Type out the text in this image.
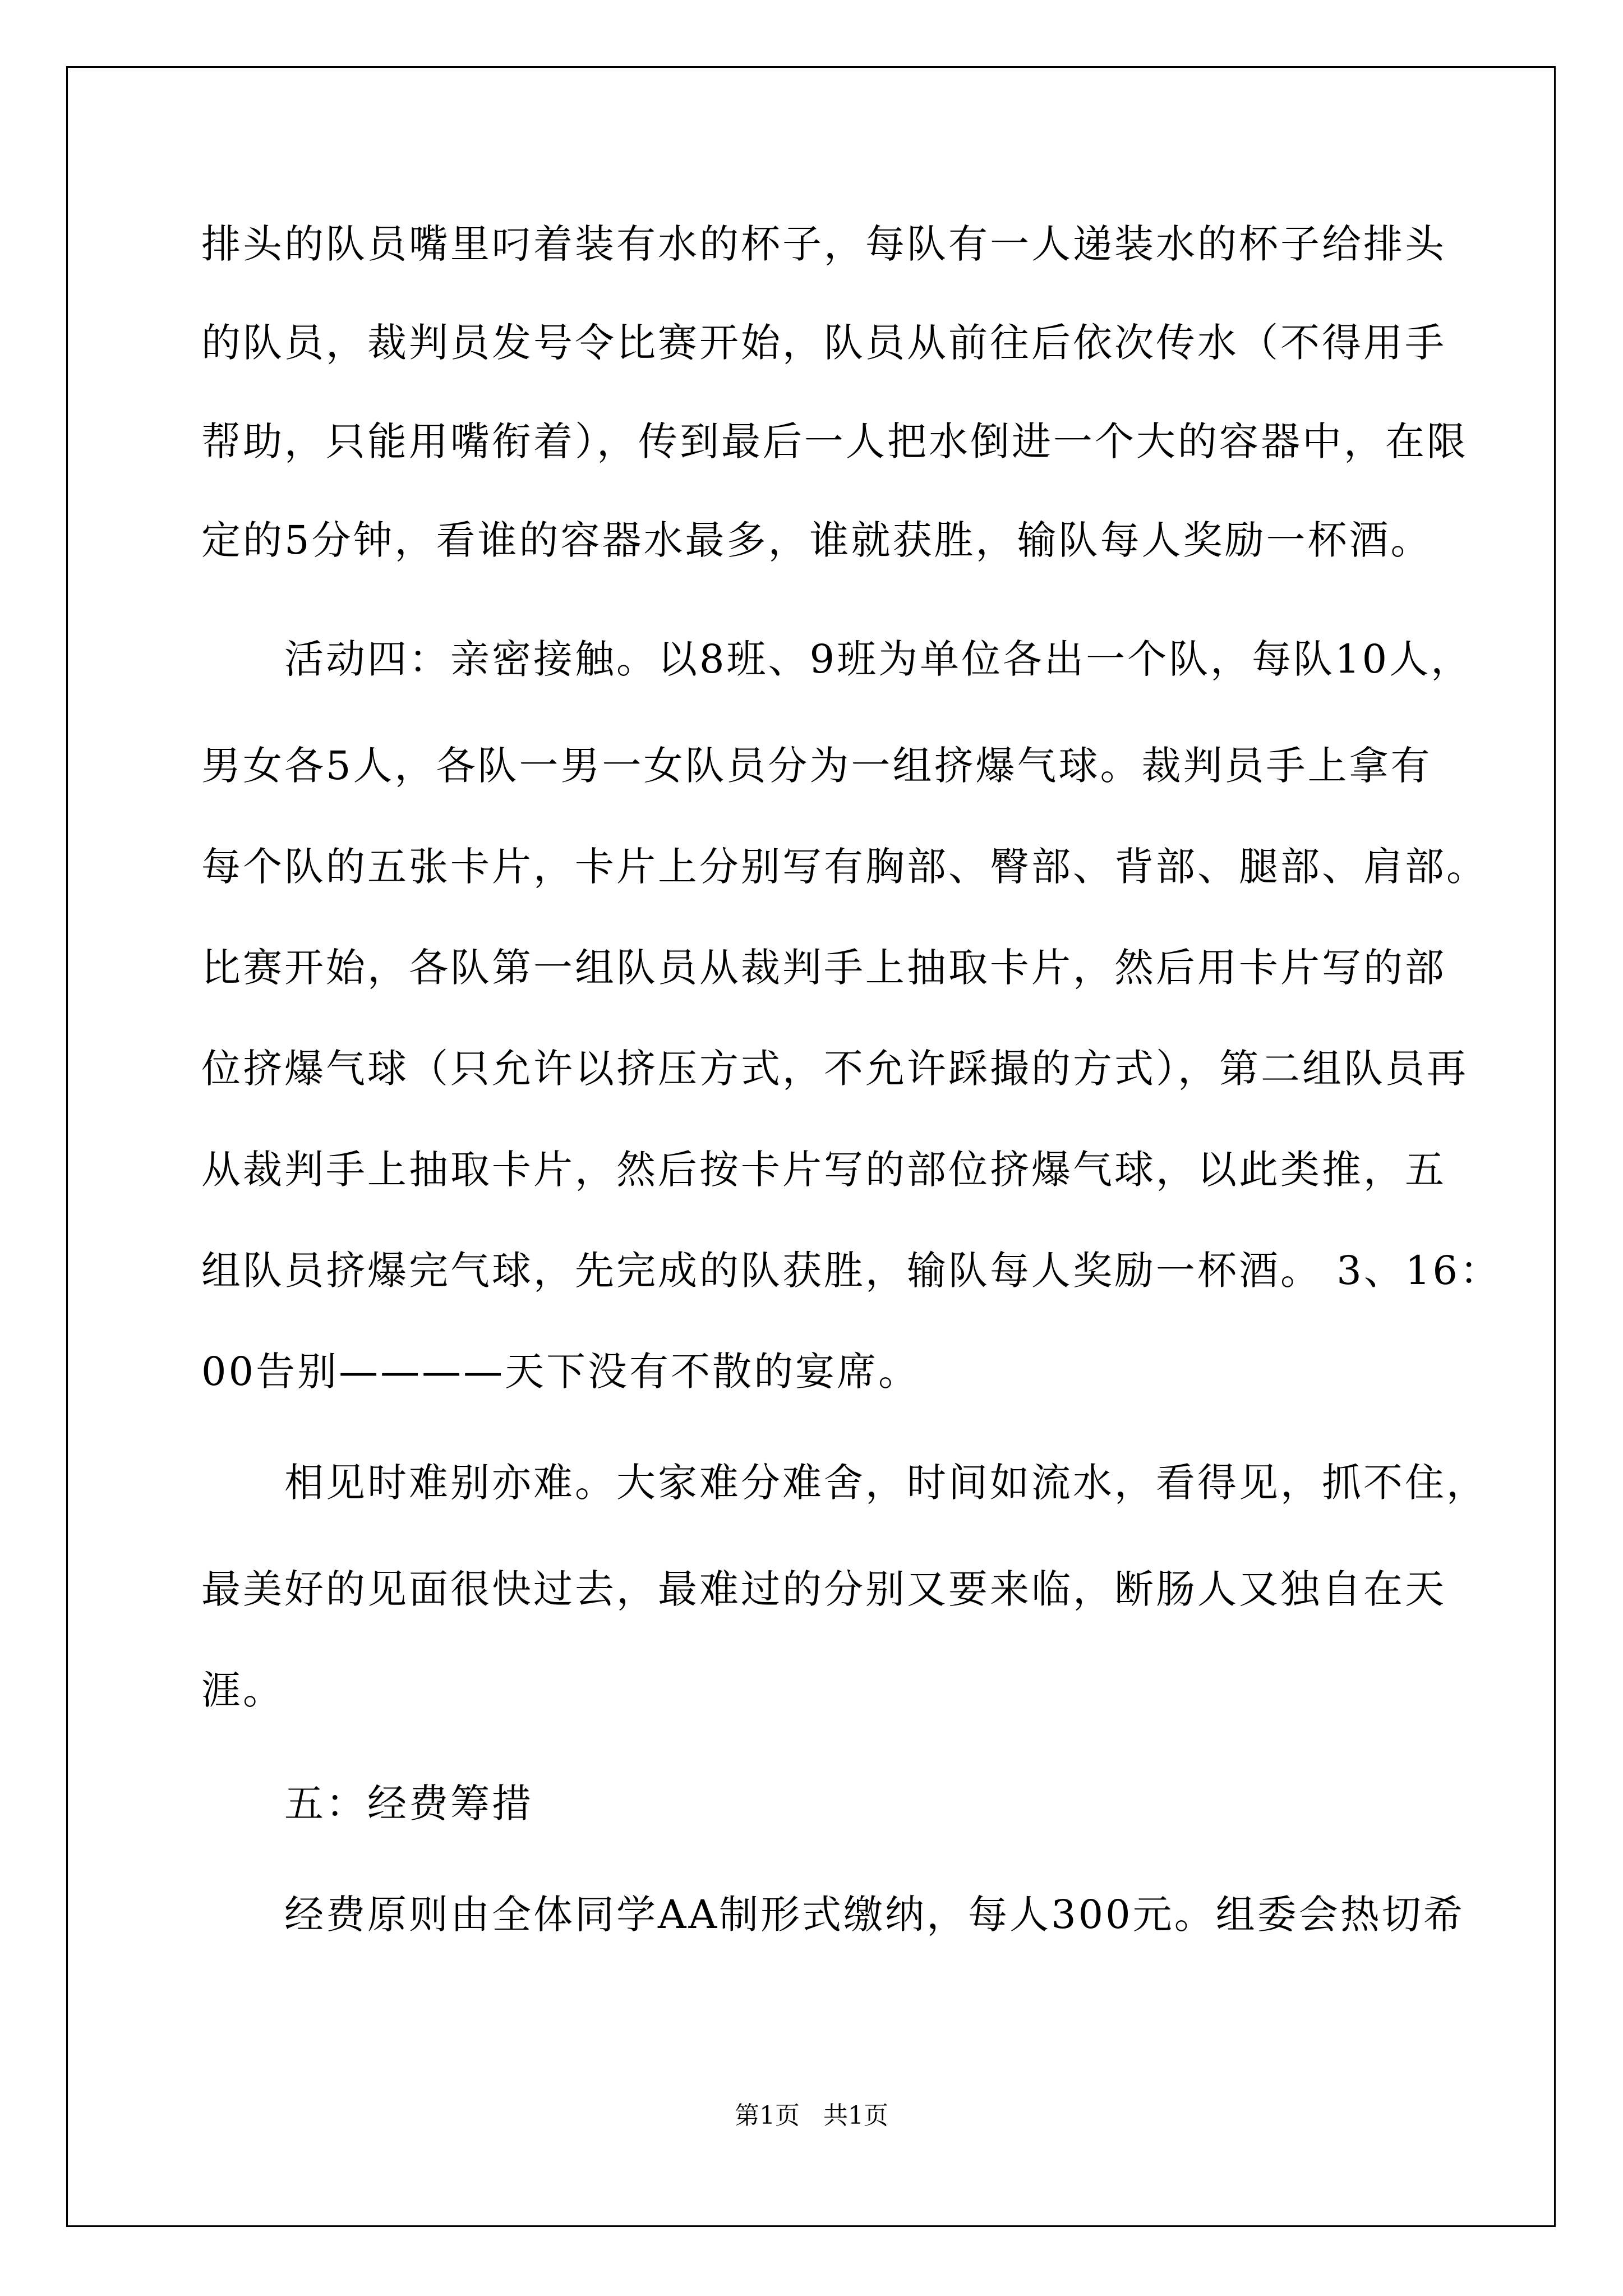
排头的队员嘴里叼着装有水的杯子，每队有一人递装水的杯子给排头
的队员，裁判员发号令比赛开始，队员从前往后依次传水（不得用手
帮助，只能用嘴衔着），传到最后一人把水倒进一个大的容器中，在限
定的5分钟，看谁的容器水最多，谁就获胜，输队每人奖励一杯酒。
活动四：亲密接触。以8班、9班为单位各出一个队，每队10人，
男女各5人，各队一男一女队员分为一组挤爆气球。裁判员手上拿有
每个队的五张卡片，卡片上分别写有胸部、臀部、背部、腿部、肩部。
比赛开始，各队第一组队员从裁判手上抽取卡片，然后用卡片写的部
位挤爆气球（只允许以挤压方式，不允许踩撮的方式），第二组队员再
从裁判手上抽取卡片，然后按卡片写的部位挤爆气球，以此类推，五
组队员挤爆完气球，先完成的队获胜，输队每人奖励一杯酒。 3、16：
00告别————天下没有不散的宴席。
相见时难别亦难。大家难分难舍，时间如流水，看得见，抓不住，
最美好的见面很快过去，最难过的分别又要来临，断肠人又独自在天
涯。
五：经费筹措
经费原则由全体同学AA制形式缴纳，每人300元。组委会热切希
第1页   共1页
